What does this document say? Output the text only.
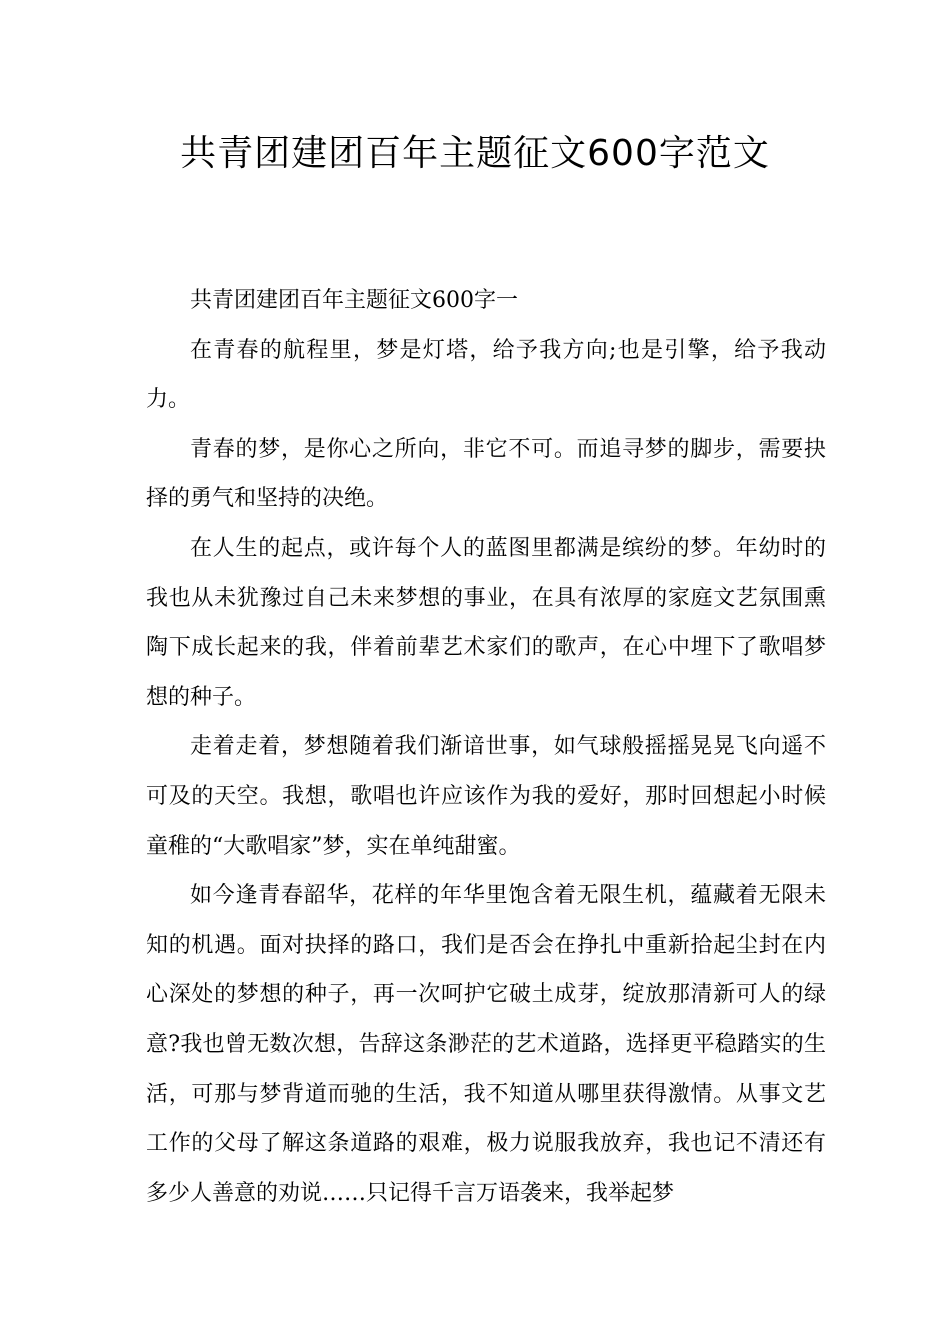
共青团建团百年主题征文600字范文

共青团建团百年主题征文600字一

在青春的航程里，梦是灯塔，给予我方向;也是引擎，给予我动力。

青春的梦，是你心之所向，非它不可。而追寻梦的脚步，需要抉择的勇气和坚持的决绝。

在人生的起点，或许每个人的蓝图里都满是缤纷的梦。年幼时的我也从未犹豫过自己未来梦想的事业，在具有浓厚的家庭文艺氛围熏陶下成长起来的我，伴着前辈艺术家们的歌声，在心中埋下了歌唱梦想的种子。

走着走着，梦想随着我们渐谙世事，如气球般摇摇晃晃飞向遥不可及的天空。我想，歌唱也许应该作为我的爱好，那时回想起小时候童稚的“大歌唱家”梦，实在单纯甜蜜。

如今逢青春韶华，花样的年华里饱含着无限生机，蕴藏着无限未知的机遇。面对抉择的路口，我们是否会在挣扎中重新拾起尘封在内心深处的梦想的种子，再一次呵护它破土成芽，绽放那清新可人的绿意?我也曾无数次想，告辞这条渺茫的艺术道路，选择更平稳踏实的生活，可那与梦背道而驰的生活，我不知道从哪里获得激情。从事文艺工作的父母了解这条道路的艰难，极力说服我放弃，我也记不清还有多少人善意的劝说……只记得千言万语袭来，我举起梦
